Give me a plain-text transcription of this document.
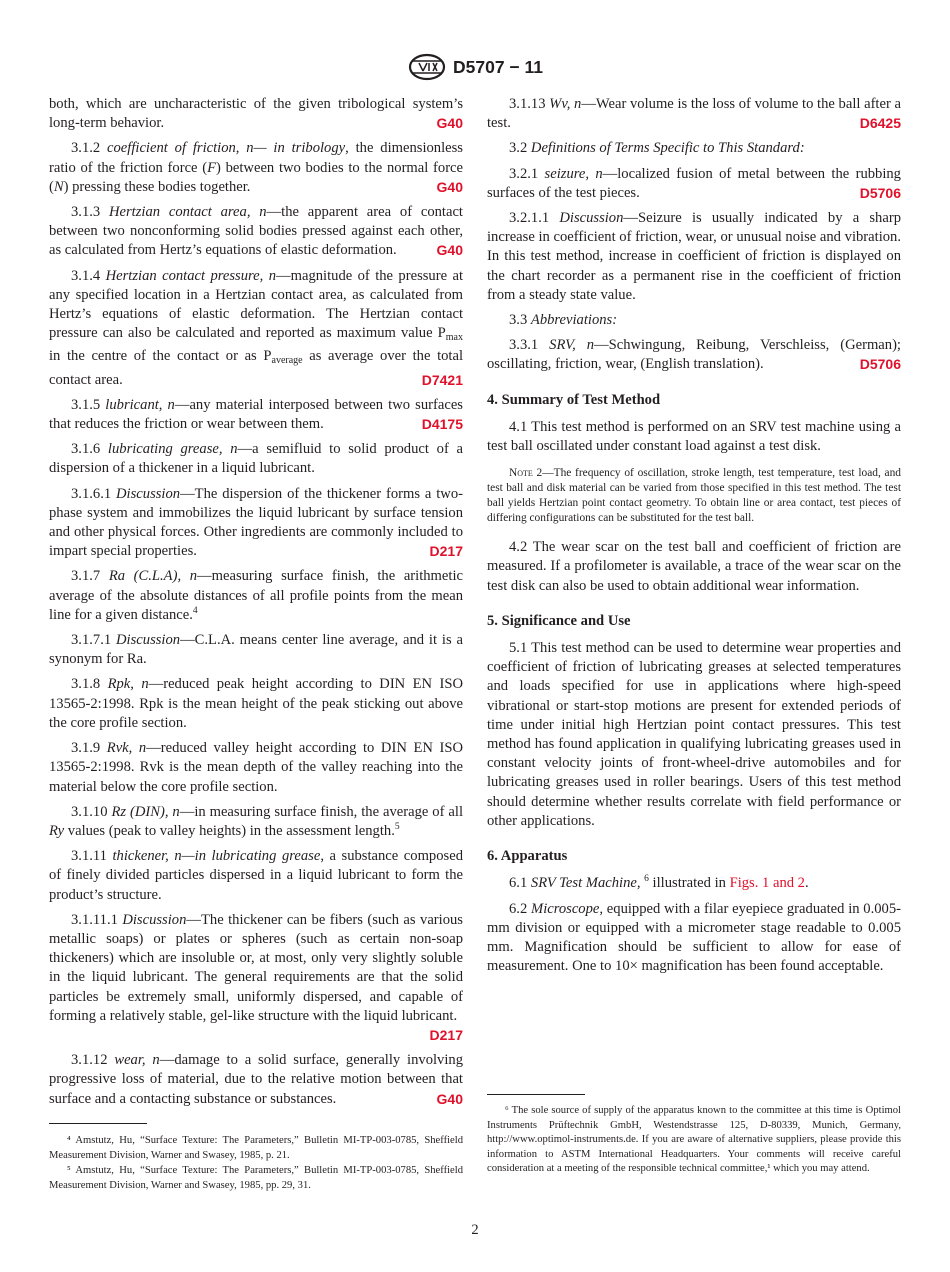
D5707 − 11
both, which are uncharacteristic of the given tribological system’s long-term behavior.	G40
3.1.2 coefficient of friction, n— in tribology, the dimensionless ratio of the friction force (F) between two bodies to the normal force (N) pressing these bodies together.	G40
3.1.3 Hertzian contact area, n—the apparent area of contact between two nonconforming solid bodies pressed against each other, as calculated from Hertz’s equations of elastic deformation.	G40
3.1.4 Hertzian contact pressure, n—magnitude of the pressure at any specified location in a Hertzian contact area, as calculated from Hertz’s equations of elastic deformation. The Hertzian contact pressure can also be calculated and reported as maximum value $P_{max}$ in the centre of the contact or as $P_{average}$ as average over the total contact area.	D7421
3.1.5 lubricant, n—any material interposed between two surfaces that reduces the friction or wear between them.	D4175
3.1.6 lubricating grease, n—a semifluid to solid product of a dispersion of a thickener in a liquid lubricant.
3.1.6.1 Discussion—The dispersion of the thickener forms a two-phase system and immobilizes the liquid lubricant by surface tension and other physical forces. Other ingredients are commonly included to impart special properties.	D217
3.1.7 Ra (C.L.A), n—measuring surface finish, the arithmetic average of the absolute distances of all profile points from the mean line for a given distance.$^4$
3.1.7.1 Discussion—C.L.A. means center line average, and it is a synonym for Ra.
3.1.8 Rpk, n—reduced peak height according to DIN EN ISO 13565-2:1998. Rpk is the mean height of the peak sticking out above the core profile section.
3.1.9 Rvk, n—reduced valley height according to DIN EN ISO 13565-2:1998. Rvk is the mean depth of the valley reaching into the material below the core profile section.
3.1.10 Rz (DIN), n—in measuring surface finish, the average of all Ry values (peak to valley heights) in the assessment length.$^5$
3.1.11 thickener, n—in lubricating grease, a substance composed of finely divided particles dispersed in a liquid lubricant to form the product’s structure.
3.1.11.1 Discussion—The thickener can be fibers (such as various metallic soaps) or plates or spheres (such as certain non-soap thickeners) which are insoluble or, at most, only very slightly soluble in the liquid lubricant. The general requirements are that the solid particles be extremely small, uniformly dispersed, and capable of forming a relatively stable, gel-like structure with the liquid lubricant.
D217
3.1.12 wear, n—damage to a solid surface, generally involving progressive loss of material, due to the relative motion between that surface and a contacting substance or substances.	G40
3.1.13 Wv, n—Wear volume is the loss of volume to the ball after a test.	D6425
3.2 Definitions of Terms Specific to This Standard:
3.2.1 seizure, n—localized fusion of metal between the rubbing surfaces of the test pieces.	D5706
3.2.1.1 Discussion—Seizure is usually indicated by a sharp increase in coefficient of friction, wear, or unusual noise and vibration. In this test method, increase in coefficient of friction is displayed on the chart recorder as a permanent rise in the coefficient of friction from a steady state value.
3.3 Abbreviations:
3.3.1 SRV, n—Schwingung, Reibung, Verschleiss, (German); oscillating, friction, wear, (English translation).	D5706
4. Summary of Test Method
4.1 This test method is performed on an SRV test machine using a test ball oscillated under constant load against a test disk.
Note 2—The frequency of oscillation, stroke length, test temperature, test load, and test ball and disk material can be varied from those specified in this test method. The test ball yields Hertzian point contact geometry. To obtain line or area contact, test pieces of differing configurations can be substituted for the test ball.
4.2 The wear scar on the test ball and coefficient of friction are measured. If a profilometer is available, a trace of the wear scar on the test disk can also be used to obtain additional wear information.
5. Significance and Use
5.1 This test method can be used to determine wear properties and coefficient of friction of lubricating greases at selected temperatures and loads specified for use in applications where high-speed vibrational or start-stop motions are present for extended periods of time under initial high Hertzian point contact pressures. This test method has found application in qualifying lubricating greases used in constant velocity joints of front-wheel-drive automobiles and for lubricating greases used in roller bearings. Users of this test method should determine whether results correlate with field performance or other applications.
6. Apparatus
6.1 SRV Test Machine, $^6$ illustrated in Figs. 1 and 2.
6.2 Microscope, equipped with a filar eyepiece graduated in 0.005-mm division or equipped with a micrometer stage readable to 0.005 mm. Magnification should be sufficient to allow for ease of measurement. One to 10× magnification has been found acceptable.

⁴ Amstutz, Hu, “Surface Texture: The Parameters,” Bulletin MI-TP-003-0785, Sheffield Measurement Division, Warner and Swasey, 1985, p. 21.

⁵ Amstutz, Hu, “Surface Texture: The Parameters,” Bulletin MI-TP-003-0785, Sheffield Measurement Division, Warner and Swasey, 1985, pp. 29, 31.

⁶ The sole source of supply of the apparatus known to the committee at this time is Optimol Instruments Prüftechnik GmbH, Westendstrasse 125, D-80339, Munich, Germany, http://www.optimol-instruments.de. If you are aware of alternative suppliers, please provide this information to ASTM International Headquarters. Your comments will receive careful consideration at a meeting of the responsible technical committee,¹ which you may attend.

2
